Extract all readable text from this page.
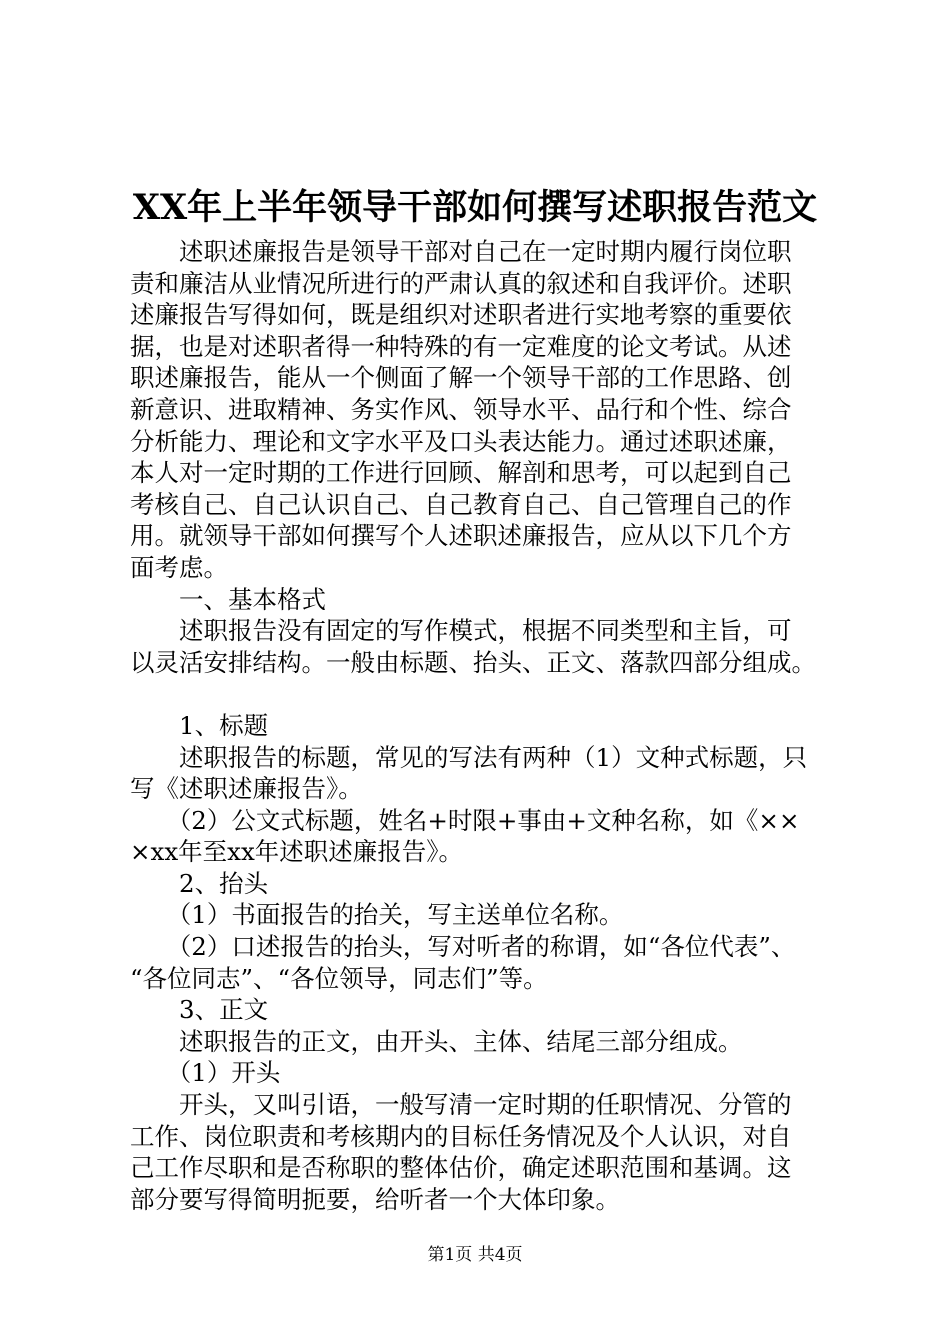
XX年上半年领导干部如何撰写述职报告范文
　　述职述廉报告是领导干部对自己在一定时期内履行岗位职
责和廉洁从业情况所进行的严肃认真的叙述和自我评价。述职
述廉报告写得如何，既是组织对述职者进行实地考察的重要依
据，也是对述职者得一种特殊的有一定难度的论文考试。从述
职述廉报告，能从一个侧面了解一个领导干部的工作思路、创
新意识、进取精神、务实作风、领导水平、品行和个性、综合
分析能力、理论和文字水平及口头表达能力。通过述职述廉，
本人对一定时期的工作进行回顾、解剖和思考，可以起到自己
考核自己、自己认识自己、自己教育自己、自己管理自己的作
用。就领导干部如何撰写个人述职述廉报告，应从以下几个方
面考虑。
　　一、基本格式
　　述职报告没有固定的写作模式，根据不同类型和主旨，可
以灵活安排结构。一般由标题、抬头、正文、落款四部分组成。
　　1、标题
　　述职报告的标题，常见的写法有两种（1）文种式标题，只
写《述职述廉报告》。
　　（2）公文式标题，姓名+时限+事由+文种名称，如《××
×xx年至xx年述职述廉报告》。
　　2、抬头
　　（1）书面报告的抬关，写主送单位名称。
　　（2）口述报告的抬头，写对听者的称谓，如“各位代表”、
“各位同志”、“各位领导，同志们”等。
　　3、正文
　　述职报告的正文，由开头、主体、结尾三部分组成。
　　（1）开头
　　开头，又叫引语，一般写清一定时期的任职情况、分管的
工作、岗位职责和考核期内的目标任务情况及个人认识，对自
己工作尽职和是否称职的整体估价，确定述职范围和基调。这
部分要写得简明扼要，给听者一个大体印象。
第1页 共4页
